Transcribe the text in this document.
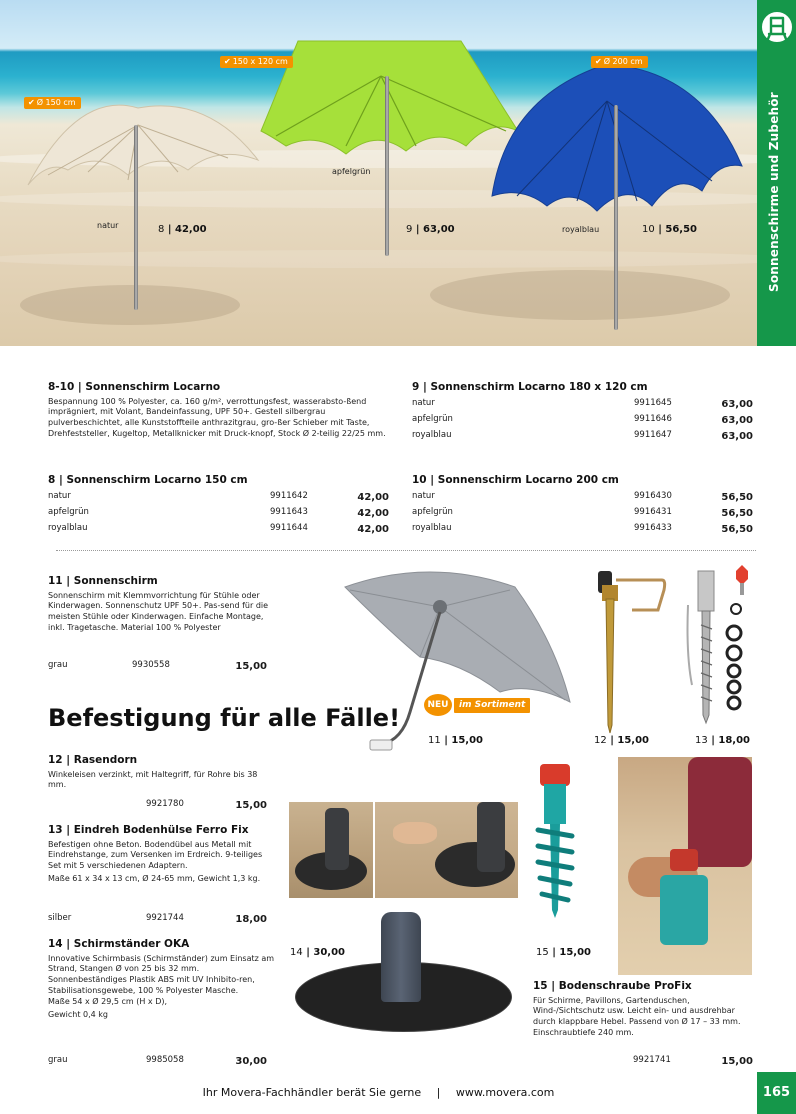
✔ Ø 150 cm
✔ 150 x 120 cm	✔ Ø 200 cm
natur
apfelgrün
royalblau
8 | 42,00	9 | 63,00	10 | 56,50	Sonnenschirme und Zubehör
8-10 | Sonnenschirm Locarno
Bespannung 100 % Polyester, ca. 160 g/m², verrottungsfest, wasserabsto-ßend imprägniert, mit Volant, Bandeinfassung, UPF 50+. Gestell silbergrau pulverbeschichtet, alle Kunststoffteile anthrazitgrau, gro-ßer Schieber mit Taste, Drehfeststeller, Kugeltop, Metallknicker mit Druck-knopf, Stock Ø 2-teilig 22/25 mm.
8 | Sonnenschirm Locarno 150 cm
natur	9911642	42,00
apfelgrün	9911643	42,00
royalblau	9911644	42,00
9 | Sonnenschirm Locarno 180 x 120 cm
natur	9911645	63,00
apfelgrün	9911646	63,00
royalblau	9911647	63,00
10 | Sonnenschirm Locarno 200 cm
natur	9916430	56,50
apfelgrün	9916431	56,50
royalblau	9916433	56,50
11 | Sonnenschirm
Sonnenschirm mit Klemmvorrichtung für Stühle oder Kinderwagen. Sonnenschutz UPF 50+. Pas-send für die meisten Stühle oder Kinderwagen. Einfache Montage, inkl. Tragetasche. Material 100 % Polyester
grau	9930558	15,00
NEU	im Sortiment
11 | 15,00	12 | 15,00	13 | 18,00
Befestigung für alle Fälle!
12 | Rasendorn
Winkeleisen verzinkt, mit Haltegriff, für Rohre bis 38 mm.
9921780	15,00
13 | Eindreh Bodenhülse Ferro Fix
Befestigen ohne Beton. Bodendübel aus Metall mit Eindrehstange, zum Versenken im Erdreich. 9-teiliges Set mit 5 verschiedenen Adaptern.
Maße 61 x 34 x 13 cm, Ø 24-65 mm, Gewicht 1,3 kg.
silber	9921744	18,00
14 | Schirmständer OKA
Innovative Schirmbasis (Schirmständer) zum Einsatz am Strand, Stangen Ø von 25 bis 32 mm. Sonnenbeständiges Plastik ABS mit UV Inhibito-ren, Stabilisationsgewebe, 100 % Polyester Masche.
Maße 54 x Ø 29,5 cm (H x D),
Gewicht 0,4 kg
grau	9985058	30,00
14 | 30,00	15 | 15,00
15 | Bodenschraube ProFix
Für Schirme, Pavillons, Gartenduschen, Wind-/Sichtschutz usw. Leicht ein- und ausdrehbar durch klappbare Hebel. Passend von Ø 17 – 33 mm. Einschraubtiefe 240 mm.
9921741	15,00
Ihr Movera-Fachhändler berät Sie gerne | www.movera.com	165
